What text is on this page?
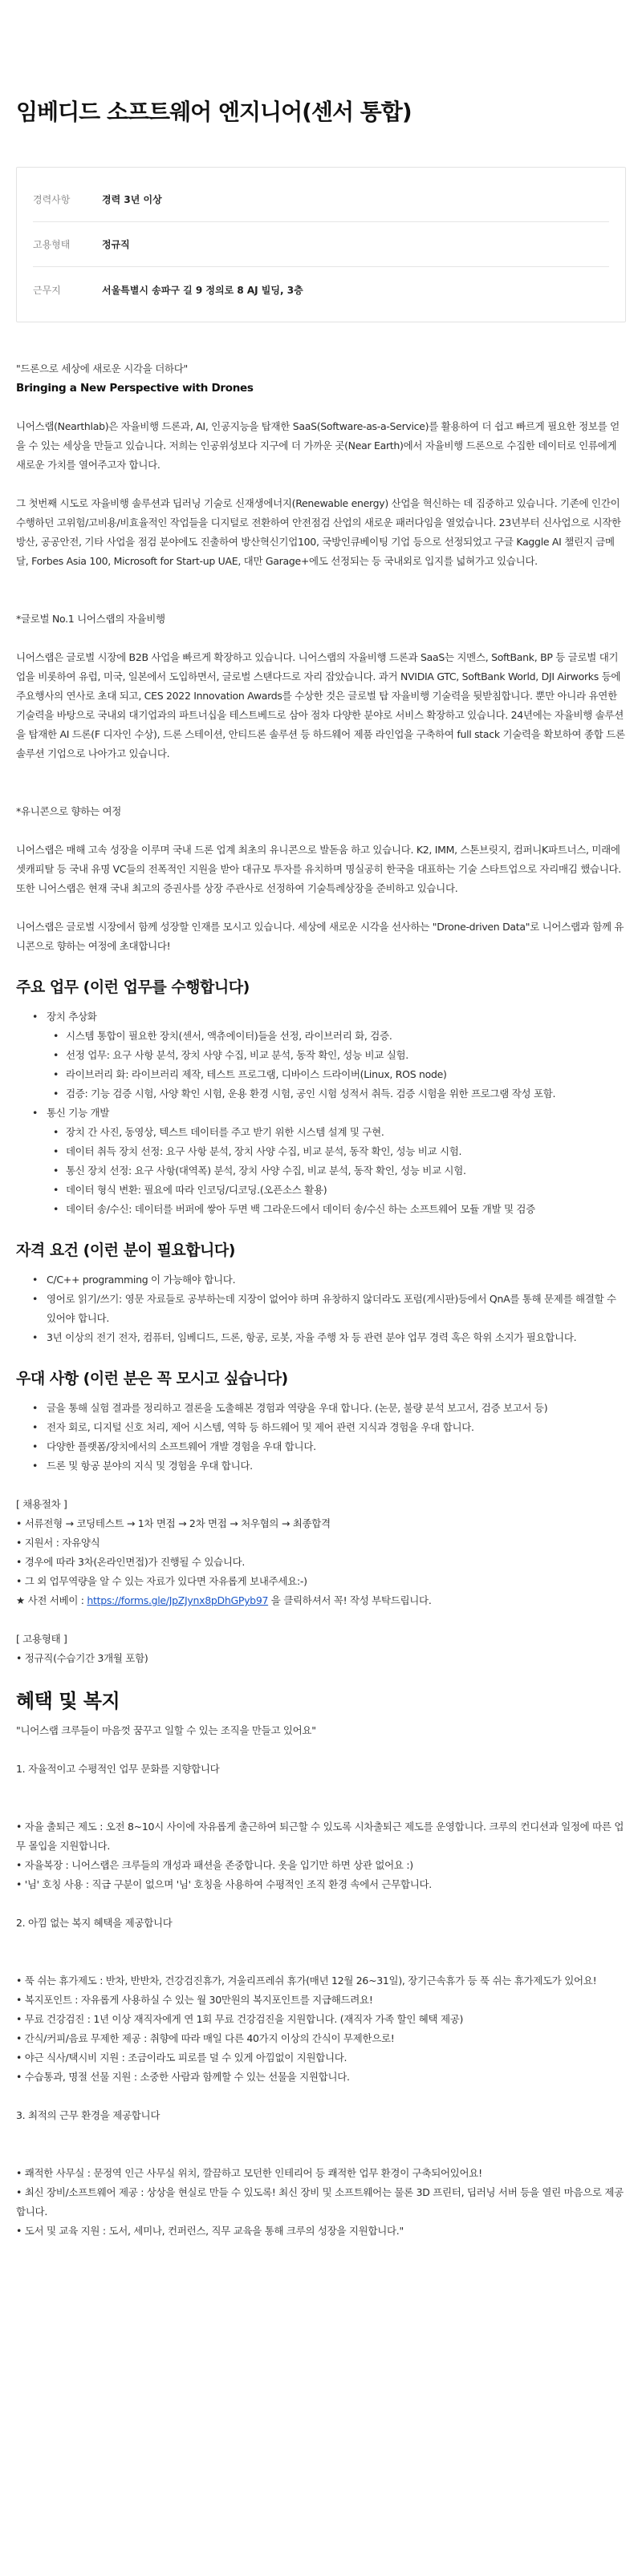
임베디드 소프트웨어 엔지니어(센서 통합)
경력사항	경력 3년 이상
고용형태	정규직
근무지	서울특별시 송파구 길 9 정의로 8 AJ 빌딩, 3층
"드론으로 세상에 새로운 시각을 더하다"
Bringing a New Perspective with Drones
니어스랩(Nearthlab)은 자율비행 드론과, AI, 인공지능을 탑재한 SaaS(Software-as-a-Service)를 활용하여 더 쉽고 빠르게 필요한 정보를 얻을 수 있는 세상을 만들고 있습니다. 저희는 인공위성보다 지구에 더 가까운 곳(Near Earth)에서 자율비행 드론으로 수집한 데이터로 인류에게 새로운 가치를 열어주고자 합니다.
그 첫번째 시도로 자율비행 솔루션과 딥러닝 기술로 신재생에너지(Renewable energy) 산업을 혁신하는 데 집중하고 있습니다. 기존에 인간이 수행하던 고위험/고비용/비효율적인 작업들을 디지털로 전환하여 안전점검 산업의 새로운 패러다임을 열었습니다. 23년부터 신사업으로 시작한 방산, 공공안전, 기타 사업을 점검 분야에도 진출하여 방산혁신기업100, 국방인큐베이팅 기업 등으로 선정되었고 구글 Kaggle AI 챌린지 금메달, Forbes Asia 100, Microsoft for Start-up UAE, 대만 Garage+에도 선정되는 등 국내외로 입지를 넓혀가고 있습니다.
*글로벌 No.1 니어스랩의 자율비행
니어스랩은 글로벌 시장에 B2B 사업을 빠르게 확장하고 있습니다. 니어스랩의 자율비행 드론과 SaaS는 지멘스, SoftBank, BP 등 글로벌 대기업을 비롯하여 유럽, 미국, 일본에서 도입하면서, 글로벌 스탠다드로 자리 잡았습니다. 과거 NVIDIA GTC, SoftBank World, DJI Airworks 등에 주요행사의 연사로 초대 되고, CES 2022 Innovation Awards를 수상한 것은 글로벌 탑 자율비행 기술력을 뒷받침합니다. 뿐만 아니라 유연한 기술력을 바탕으로 국내외 대기업과의 파트너십을 테스트베드로 삼아 점차 다양한 분야로 서비스 확장하고 있습니다. 24년에는 자율비행 솔루션을 탑재한 AI 드론(F 디자인 수상), 드론 스테이션, 안티드론 솔루션 등 하드웨어 제품 라인업을 구축하여 full stack 기술력을 확보하여 종합 드론 솔루션 기업으로 나아가고 있습니다.
*유니콘으로 향하는 여정
니어스랩은 매해 고속 성장을 이루며 국내 드론 업계 최초의 유니콘으로 발돋움 하고 있습니다. K2, IMM, 스톤브릿지, 컴퍼니K파트너스, 미래에셋캐피탈 등 국내 유명 VC들의 전폭적인 지원을 받아 대규모 투자를 유치하며 명실공히 한국을 대표하는 기술 스타트업으로 자리매김 했습니다. 또한 니어스랩은 현재 국내 최고의 증권사를 상장 주관사로 선정하여 기술특례상장을 준비하고 있습니다.
니어스랩은 글로벌 시장에서 함께 성장할 인재를 모시고 있습니다. 세상에 새로운 시각을 선사하는 "Drone-driven Data"로 니어스랩과 함께 유니콘으로 향하는 여정에 초대합니다!
주요 업무 (이런 업무를 수행합니다)
• 장치 추상화
• 시스템 통합이 필요한 장치(센서, 액츄에이터)들을 선정, 라이브러리 화, 검증.
• 선정 업무: 요구 사항 분석, 장치 사양 수집, 비교 분석, 동작 확인, 성능 비교 실험.
• 라이브러리 화: 라이브러리 제작, 테스트 프로그램, 디바이스 드라이버(Linux, ROS node)
• 검증: 기능 검증 시험, 사양 확인 시험, 운용 환경 시험, 공인 시험 성적서 취득. 검증 시험을 위한 프로그램 작성 포함.
• 통신 기능 개발
• 장치 간 사진, 동영상, 텍스트 데이터를 주고 받기 위한 시스템 설계 및 구현.
• 데이터 취득 장치 선정: 요구 사항 분석, 장치 사양 수집, 비교 분석, 동작 확인, 성능 비교 시험.
• 통신 장치 선정: 요구 사항(대역폭) 분석, 장치 사양 수집, 비교 분석, 동작 확인, 성능 비교 시험.
• 데이터 형식 변환: 필요에 따라 인코딩/디코딩.(오픈소스 활용)
• 데이터 송/수신: 데이터를 버퍼에 쌓아 두면 백 그라운드에서 데이터 송/수신 하는 소프트웨어 모듈 개발 및 검증
자격 요건 (이런 분이 필요합니다)
• C/C++ programming 이 가능해야 합니다.
• 영어로 읽기/쓰기: 영문 자료들로 공부하는데 지장이 없어야 하며 유창하지 않더라도 포럼(게시판)등에서 QnA를 통해 문제를 해결할 수 있어야 합니다.
• 3년 이상의 전기 전자, 컴퓨터, 임베디드, 드론, 항공, 로봇, 자율 주행 차 등 관련 분야 업무 경력 혹은 학위 소지가 필요합니다.
우대 사항 (이런 분은 꼭 모시고 싶습니다)
• 글을 통해 실험 결과를 정리하고 결론을 도출해본 경험과 역량을 우대 합니다. (논문, 불량 분석 보고서, 검증 보고서 등)
• 전자 회로, 디지털 신호 처리, 제어 시스템, 역학 등 하드웨어 및 제어 관련 지식과 경험을 우대 합니다.
• 다양한 플랫폼/장치에서의 소프트웨어 개발 경험을 우대 합니다.
• 드론 및 항공 분야의 지식 및 경험을 우대 합니다.
[ 채용절차 ]
• 서류전형 → 코딩테스트 → 1차 면접 → 2차 면접 → 처우협의 → 최종합격
• 지원서 : 자유양식
• 경우에 따라 3차(온라인면접)가 진행될 수 있습니다.
• 그 외 업무역량을 알 수 있는 자료가 있다면 자유롭게 보내주세요:-)
★ 사전 서베이 : https://forms.gle/JpZJynx8pDhGPyb97 을 클릭하셔서 꼭! 작성 부탁드립니다.
[ 고용형태 ]
• 정규직(수습기간 3개월 포함)
혜택 및 복지
"니어스랩 크루들이 마음껏 꿈꾸고 일할 수 있는 조직을 만들고 있어요"
1. 자율적이고 수평적인 업무 문화를 지향합니다
• 자율 출퇴근 제도 : 오전 8~10시 사이에 자유롭게 출근하여 퇴근할 수 있도록 시차출퇴근 제도를 운영합니다. 크루의 컨디션과 일정에 따른 업무 몰입을 지원합니다.
• 자율복장 : 니어스랩은 크루들의 개성과 패션을 존중합니다. 옷을 입기만 하면 상관 없어요 :)
• '님' 호칭 사용 : 직급 구분이 없으며 '님' 호칭을 사용하여 수평적인 조직 환경 속에서 근무합니다.
2. 아낌 없는 복지 혜택을 제공합니다
• 푹 쉬는 휴가제도 : 반차, 반반차, 건강검진휴가, 겨울리프레쉬 휴가(매년 12월 26~31일), 장기근속휴가 등 푹 쉬는 휴가제도가 있어요!
• 복지포인트 : 자유롭게 사용하실 수 있는 월 30만원의 복지포인트를 지급해드려요!
• 무료 건강검진 : 1년 이상 재직자에게 연 1회 무료 건강검진을 지원합니다. (재직자 가족 할인 혜택 제공)
• 간식/커피/음료 무제한 제공 : 취향에 따라 매일 다른 40가지 이상의 간식이 무제한으로!
• 야근 식사/택시비 지원 : 조금이라도 피로를 덜 수 있게 아낌없이 지원합니다.
• 수습통과, 명절 선물 지원 : 소중한 사람과 함께할 수 있는 선물을 지원합니다.
3. 최적의 근무 환경을 제공합니다
• 쾌적한 사무실 : 문정역 인근 사무실 위치, 깔끔하고 모던한 인테리어 등 쾌적한 업무 환경이 구축되어있어요!
• 최신 장비/소프트웨어 제공 : 상상을 현실로 만들 수 있도록! 최신 장비 및 소프트웨어는 물론 3D 프린터, 딥러닝 서버 등을 열린 마음으로 제공합니다.
• 도서 및 교육 지원 : 도서, 세미나, 컨퍼런스, 직무 교육을 통해 크루의 성장을 지원합니다."
